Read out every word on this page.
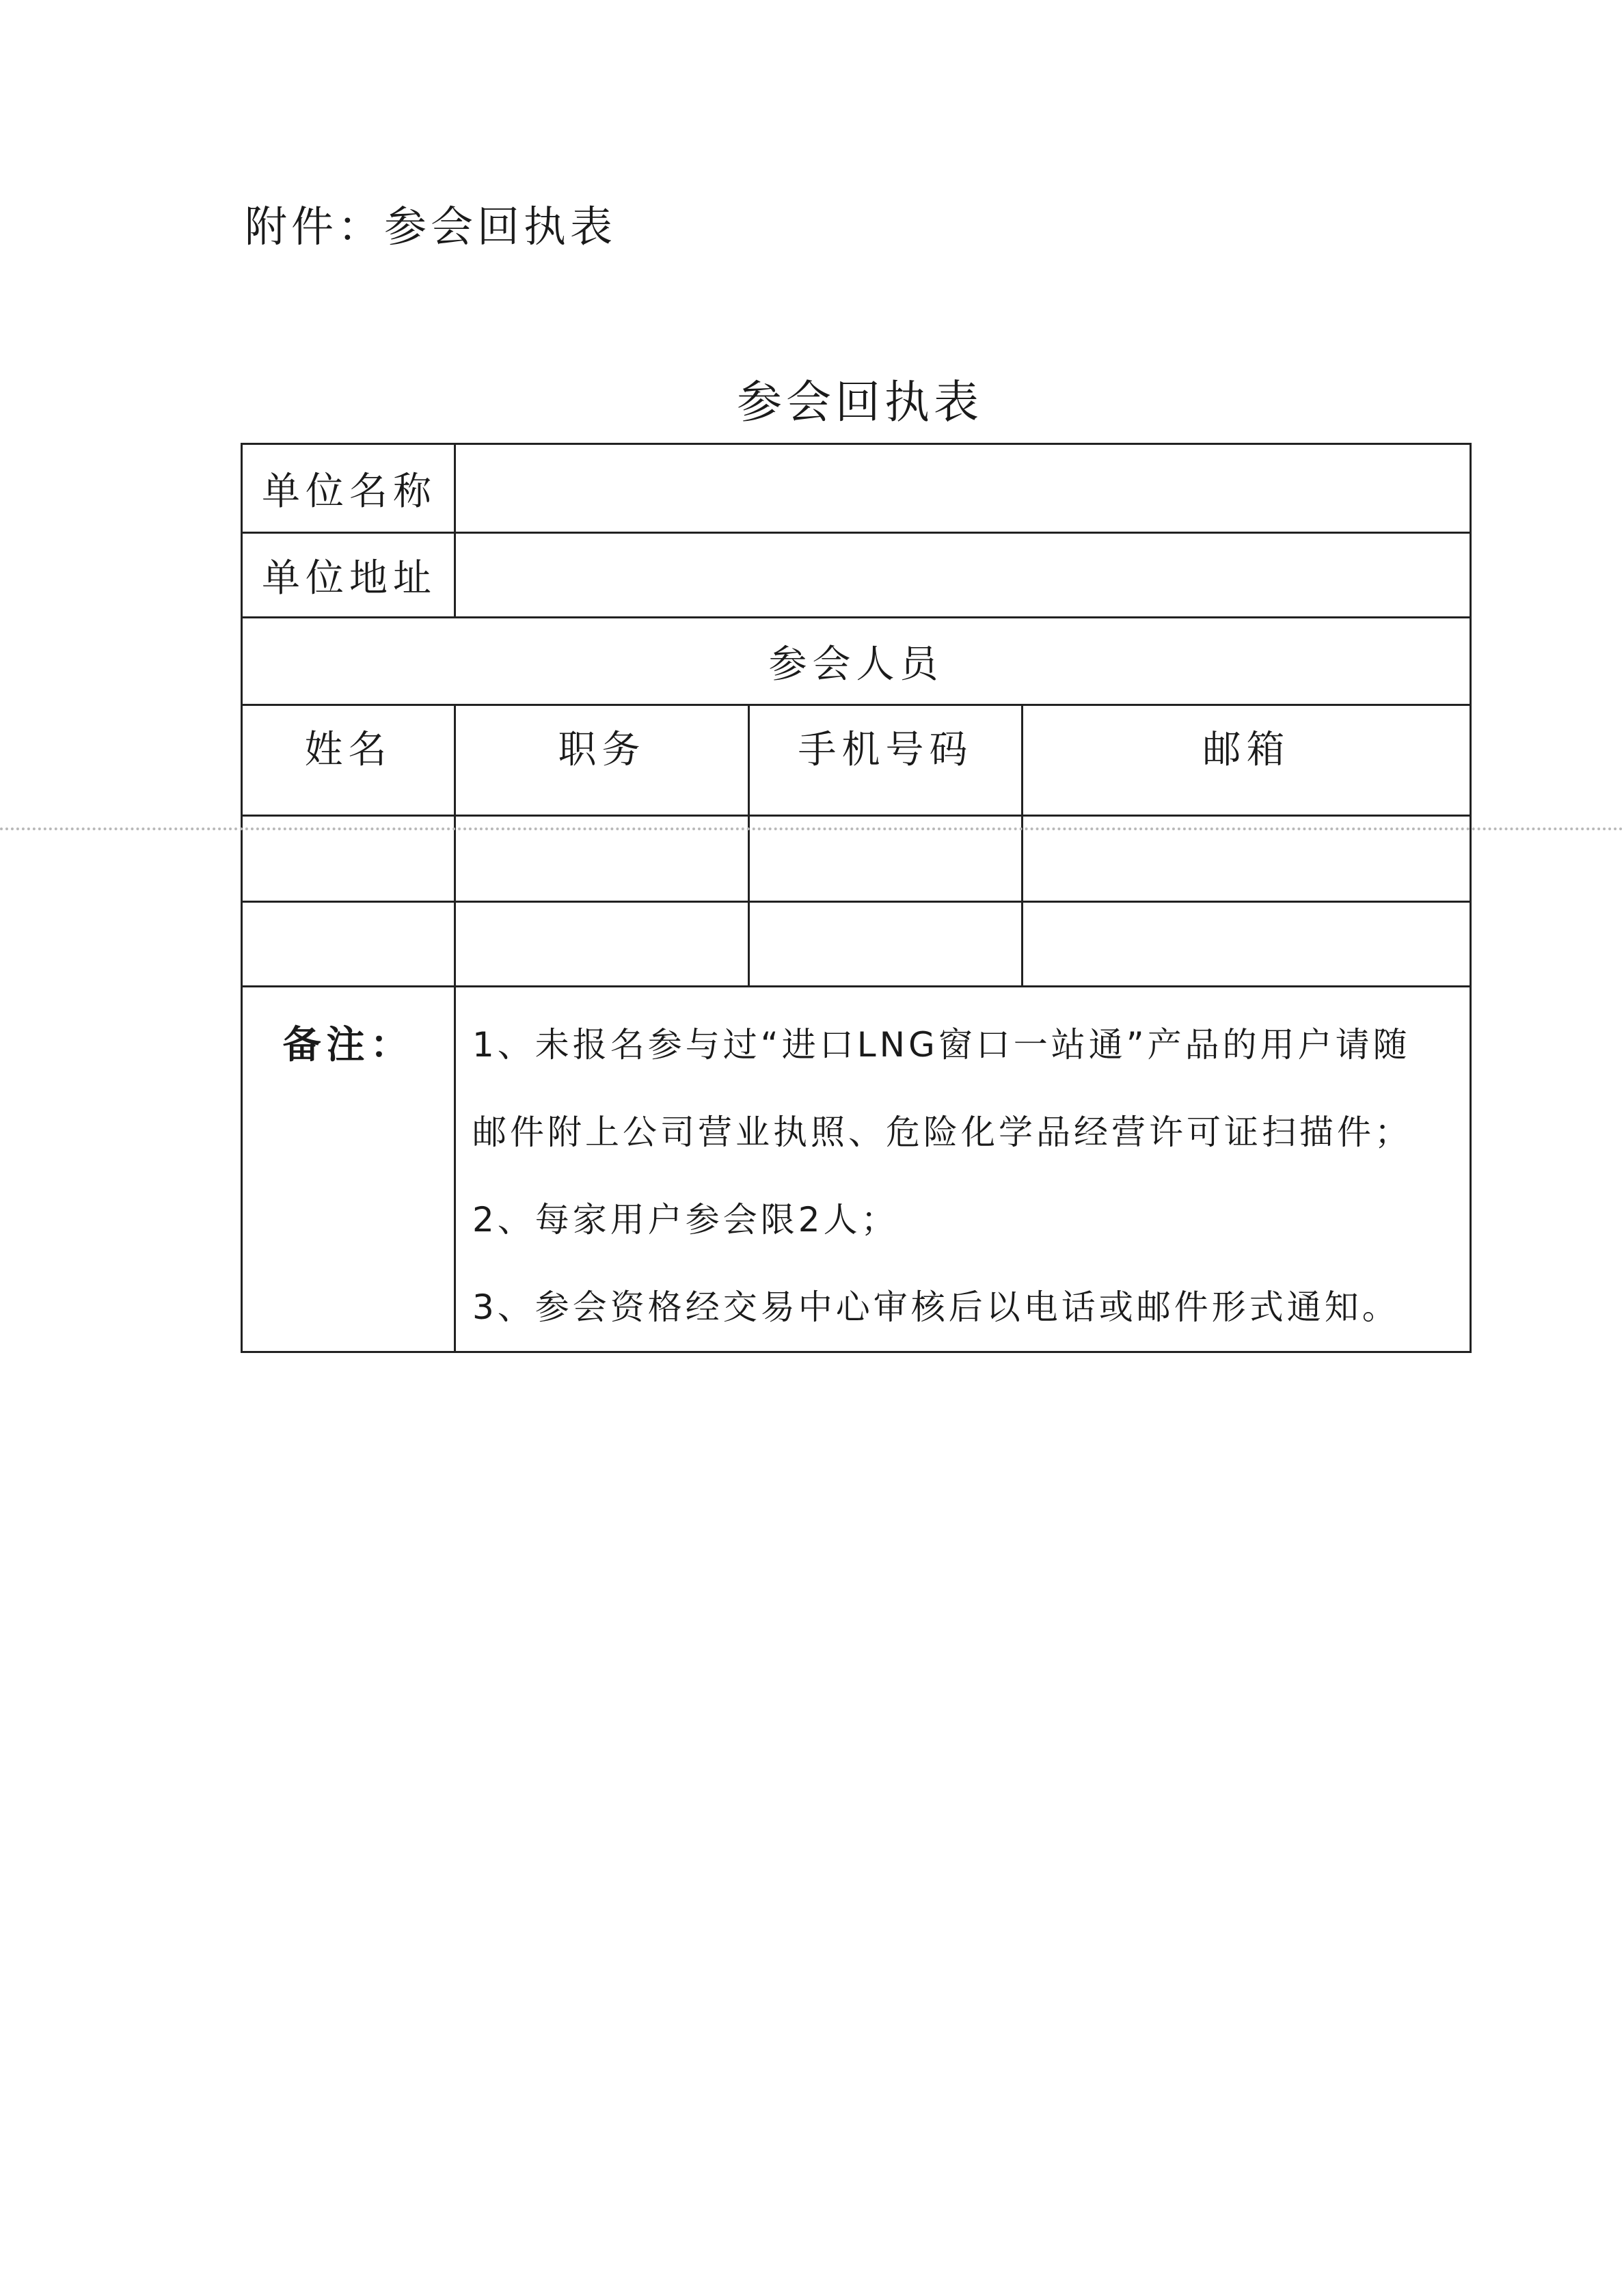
附件：参会回执表
参会回执表
单位名称			
单位地址			
参会人员			
姓名	职务	手机号码	邮箱

备注：	1、未报名参与过“进口LNG窗口一站通”产品的用户请随
邮件附上公司营业执照、危险化学品经营许可证扫描件；
2、每家用户参会限2人；
3、参会资格经交易中心审核后以电话或邮件形式通知。		
